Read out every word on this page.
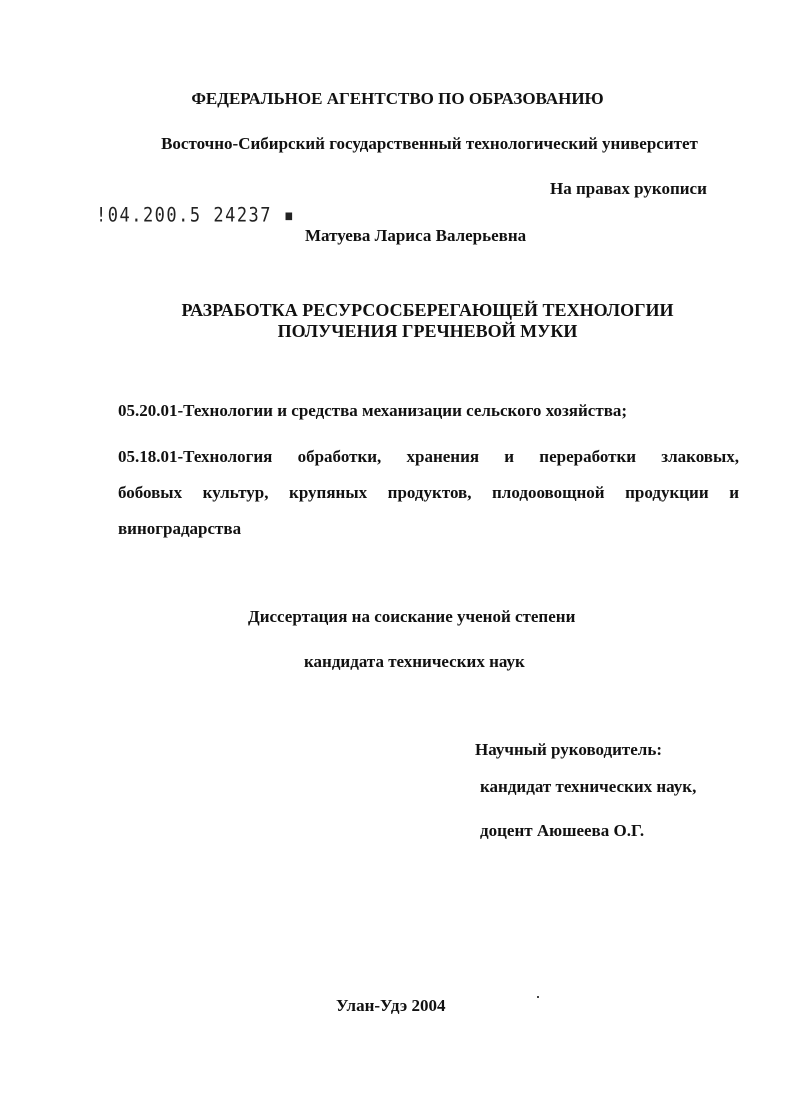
ФЕДЕРАЛЬНОЕ АГЕНТСТВО ПО ОБРАЗОВАНИЮ
Восточно-Сибирский государственный технологический университет
На правах рукописи
!04.200.5 24237 ▪
Матуева Лариса Валерьевна
РАЗРАБОТКА РЕСУРСОСБЕРЕГАЮЩЕЙ ТЕХНОЛОГИИ
ПОЛУЧЕНИЯ ГРЕЧНЕВОЙ МУКИ
05.20.01-Технологии и средства механизации сельского хозяйства;
05.18.01-Технология обработки, хранения и переработки злаковых,
бобовых культур, крупяных продуктов, плодоовощной продукции и
виноградарства
Диссертация на соискание ученой степени
кандидата технических наук
Научный руководитель:
кандидат технических наук,
доцент Аюшеева О.Г.
Улан-Удэ 2004
